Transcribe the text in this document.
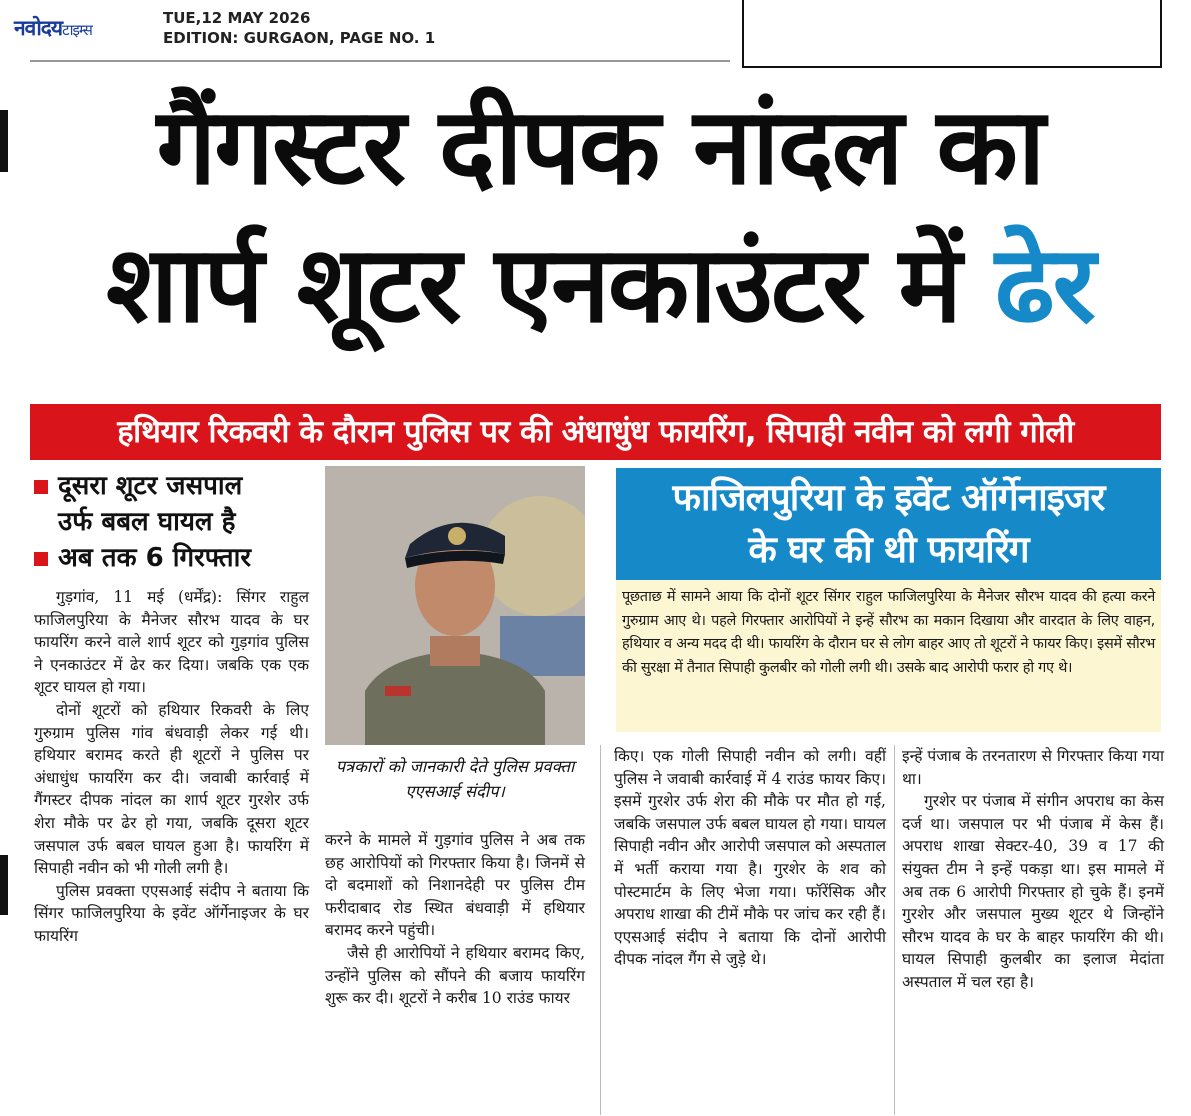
नवोदयटाइम्स
TUE,12 MAY 2026
EDITION: GURGAON, PAGE NO. 1
गैंगस्टर दीपक नांदल का
शार्प शूटर एनकाउंटर में ढेर
हथियार रिकवरी के दौरान पुलिस पर की अंधाधुंध फायरिंग, सिपाही नवीन को लगी गोली
दूसरा शूटर जसपाल
उर्फ बबल घायल है
अब तक 6 गिरफ्तार

गुड़गांव, 11 मई (धर्मेंद्र): सिंगर राहुल फाजिलपुरिया के मैनेजर सौरभ यादव के घर फायरिंग करने वाले शार्प शूटर को गुड़गांव पुलिस ने एनकाउंटर में ढेर कर दिया। जबकि एक एक शूटर घायल हो गया।

दोनों शूटरों को हथियार रिकवरी के लिए गुरुग्राम पुलिस गांव बंधवाड़ी लेकर गई थी। हथियार बरामद करते ही शूटरों ने पुलिस पर अंधाधुंध फायरिंग कर दी। जवाबी कार्रवाई में गैंगस्टर दीपक नांदल का शार्प शूटर गुरशेर उर्फ शेरा मौके पर ढेर हो गया, जबकि दूसरा शूटर जसपाल उर्फ बबल घायल हुआ है। फायरिंग में सिपाही नवीन को भी गोली लगी है।

पुलिस प्रवक्ता एएसआई संदीप ने बताया कि सिंगर फाजिलपुरिया के इवेंट ऑर्गेनाइजर के घर फायरिंग

पत्रकारों को जानकारी देते पुलिस प्रवक्ता एएसआई संदीप।

करने के मामले में गुड़गांव पुलिस ने अब तक छह आरोपियों को गिरफ्तार किया है। जिनमें से दो बदमाशों को निशानदेही पर पुलिस टीम फरीदाबाद रोड स्थित बंधवाड़ी में हथियार बरामद करने पहुंची।

जैसे ही आरोपियों ने हथियार बरामद किए, उन्होंने पुलिस को सौंपने की बजाय फायरिंग शुरू कर दी। शूटरों ने करीब 10 राउंड फायर

फाजिलपुरिया के इवेंट ऑर्गेनाइजर
के घर की थी फायरिंग
पूछताछ में सामने आया कि दोनों शूटर सिंगर राहुल फाजिलपुरिया के मैनेजर सौरभ यादव की हत्या करने गुरुग्राम आए थे। पहले गिरफ्तार आरोपियों ने इन्हें सौरभ का मकान दिखाया और वारदात के लिए वाहन, हथियार व अन्य मदद दी थी। फायरिंग के दौरान घर से लोग बाहर आए तो शूटरों ने फायर किए। इसमें सौरभ की सुरक्षा में तैनात सिपाही कुलबीर को गोली लगी थी। उसके बाद आरोपी फरार हो गए थे।

किए। एक गोली सिपाही नवीन को लगी। वहीं पुलिस ने जवाबी कार्रवाई में 4 राउंड फायर किए। इसमें गुरशेर उर्फ शेरा की मौके पर मौत हो गई, जबकि जसपाल उर्फ बबल घायल हो गया। घायल सिपाही नवीन और आरोपी जसपाल को अस्पताल में भर्ती कराया गया है। गुरशेर के शव को पोस्टमार्टम के लिए भेजा गया। फॉरेंसिक और अपराध शाखा की टीमें मौके पर जांच कर रही हैं। एएसआई संदीप ने बताया कि दोनों आरोपी दीपक नांदल गैंग से जुड़े थे।

इन्हें पंजाब के तरनतारण से गिरफ्तार किया गया था।

गुरशेर पर पंजाब में संगीन अपराध का केस दर्ज था। जसपाल पर भी पंजाब में केस हैं। अपराध शाखा सेक्टर-40, 39 व 17 की संयुक्त टीम ने इन्हें पकड़ा था। इस मामले में अब तक 6 आरोपी गिरफ्तार हो चुके हैं। इनमें गुरशेर और जसपाल मुख्य शूटर थे जिन्होंने सौरभ यादव के घर के बाहर फायरिंग की थी। घायल सिपाही कुलबीर का इलाज मेदांता अस्पताल में चल रहा है।
